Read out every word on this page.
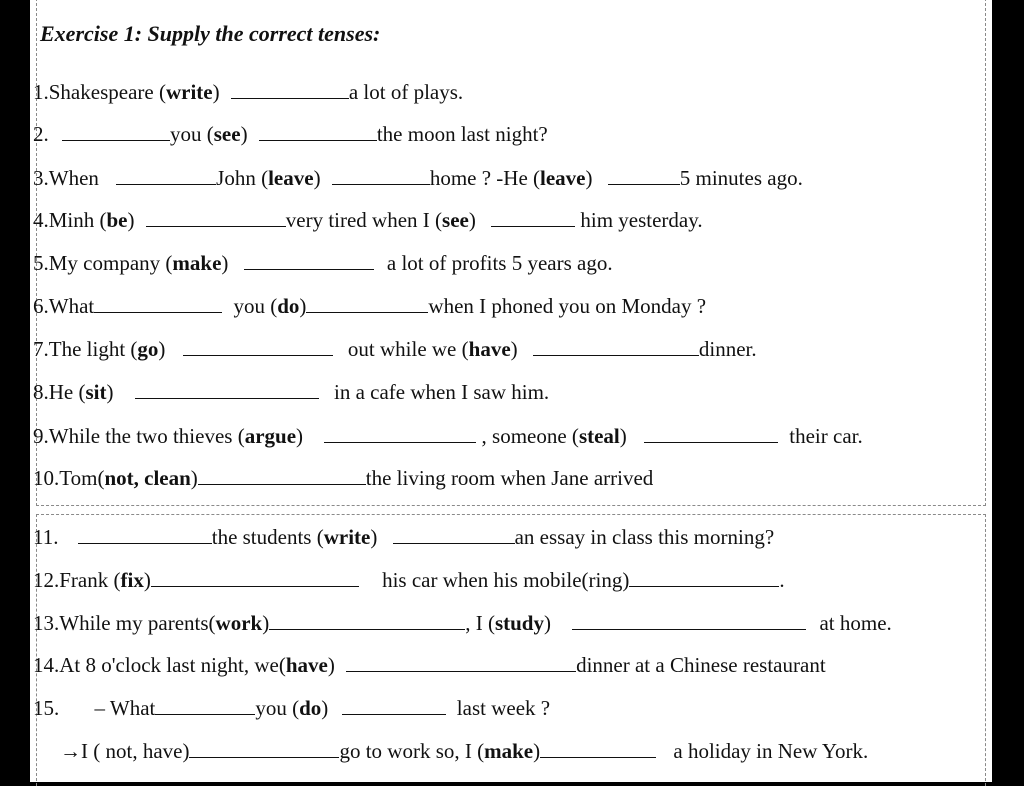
Exercise 1: Supply the correct tenses:
1.Shakespeare (write)	a lot of plays.
2.	you (see)	the moon last night?
3.When	John (leave)	home ? -He (leave)	5 minutes ago.
4.Minh (be)	very tired when I (see)	him yesterday.
5.My company (make)	a lot of profits 5 years ago.
6.What	you (do)	when I phoned you on Monday ?
7.The light (go)	out while we (have)	dinner.
8.He (sit)	in a cafe when I saw him.
9.While the two thieves (argue)	, someone (steal)	their car.
10.Tom(not, clean)	the living room when Jane arrived
11.	the students (write)	an essay in class this morning?
12.Frank (fix)	his car when his mobile(ring)	.
13.While my parents(work)	, I (study)	at home.
14.At 8 o'clock last night, we(have)	dinner at a Chinese restaurant
15. – What	you (do)	last week ?
→I ( not, have)	go to work so, I (make)	a holiday in New York.
